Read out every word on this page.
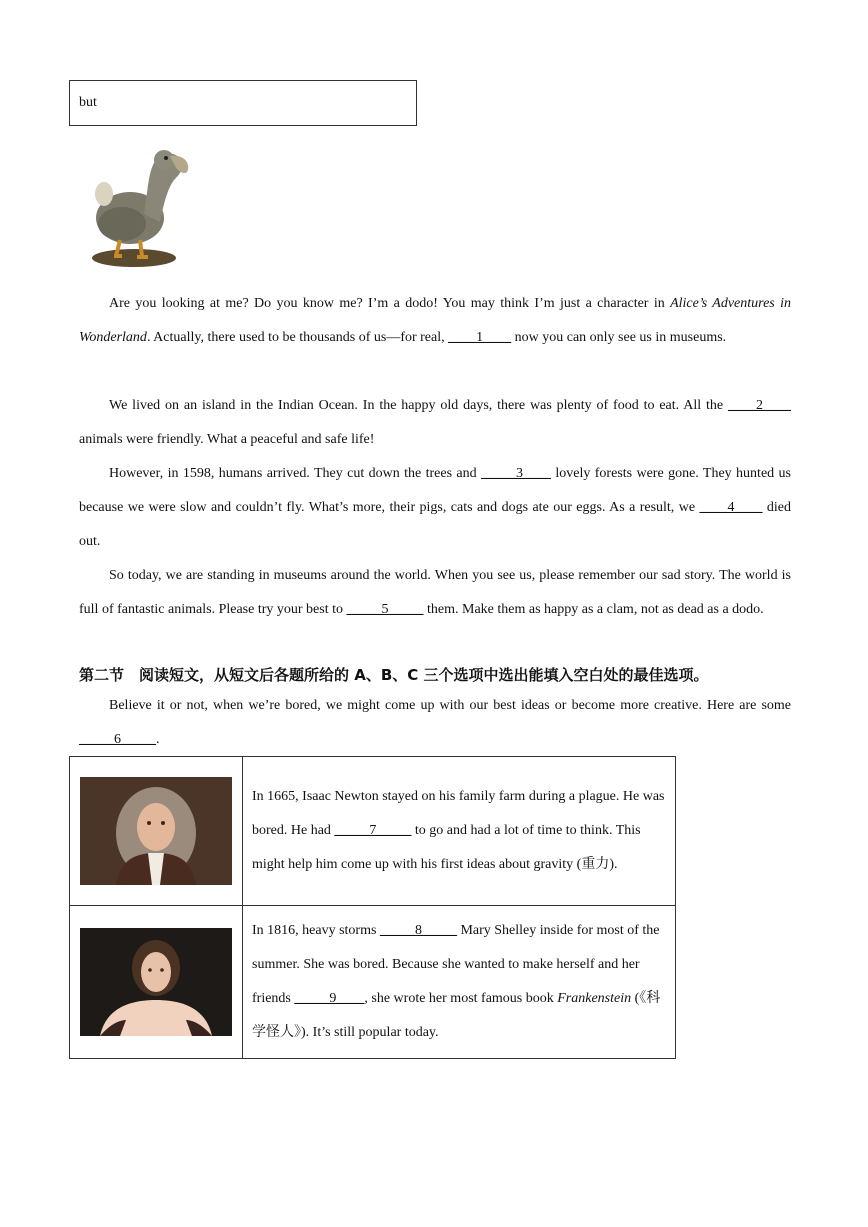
but

Are you looking at me? Do you know me? I’m a dodo! You may think I’m just a character in Alice’s Adventures in Wonderland. Actually, there used to be thousands of us—for real, ____1____ now you can only see us in museums.

We lived on an island in the Indian Ocean. In the happy old days, there was plenty of food to eat. All the ____2____ animals were friendly. What a peaceful and safe life!

However, in 1598, humans arrived. They cut down the trees and _____3____ lovely forests were gone. They hunted us because we were slow and couldn’t fly. What’s more, their pigs, cats and dogs ate our eggs. As a result, we ____4____ died out.

So today, we are standing in museums around the world. When you see us, please remember our sad story. The world is full of fantastic animals. Please try your best to _____5_____ them. Make them as happy as a clam, not as dead as a dodo.

第二节　阅读短文，从短文后各题所给的 A、B、C 三个选项中选出能填入空白处的最佳选项。

Believe it or not, when we’re bored, we might come up with our best ideas or become more creative. Here are some _____6_____.

	In 1665, Isaac Newton stayed on his family farm during a plague. He was bored. He had _____7_____ to go and had a lot of time to think. This might help him come up with his first ideas about gravity (重力).

	In 1816, heavy storms _____8_____ Mary Shelley inside for most of the summer. She was bored. Because she wanted to make herself and her friends _____9____, she wrote her most famous book Frankenstein (《科学怪人》). It’s still popular today.
